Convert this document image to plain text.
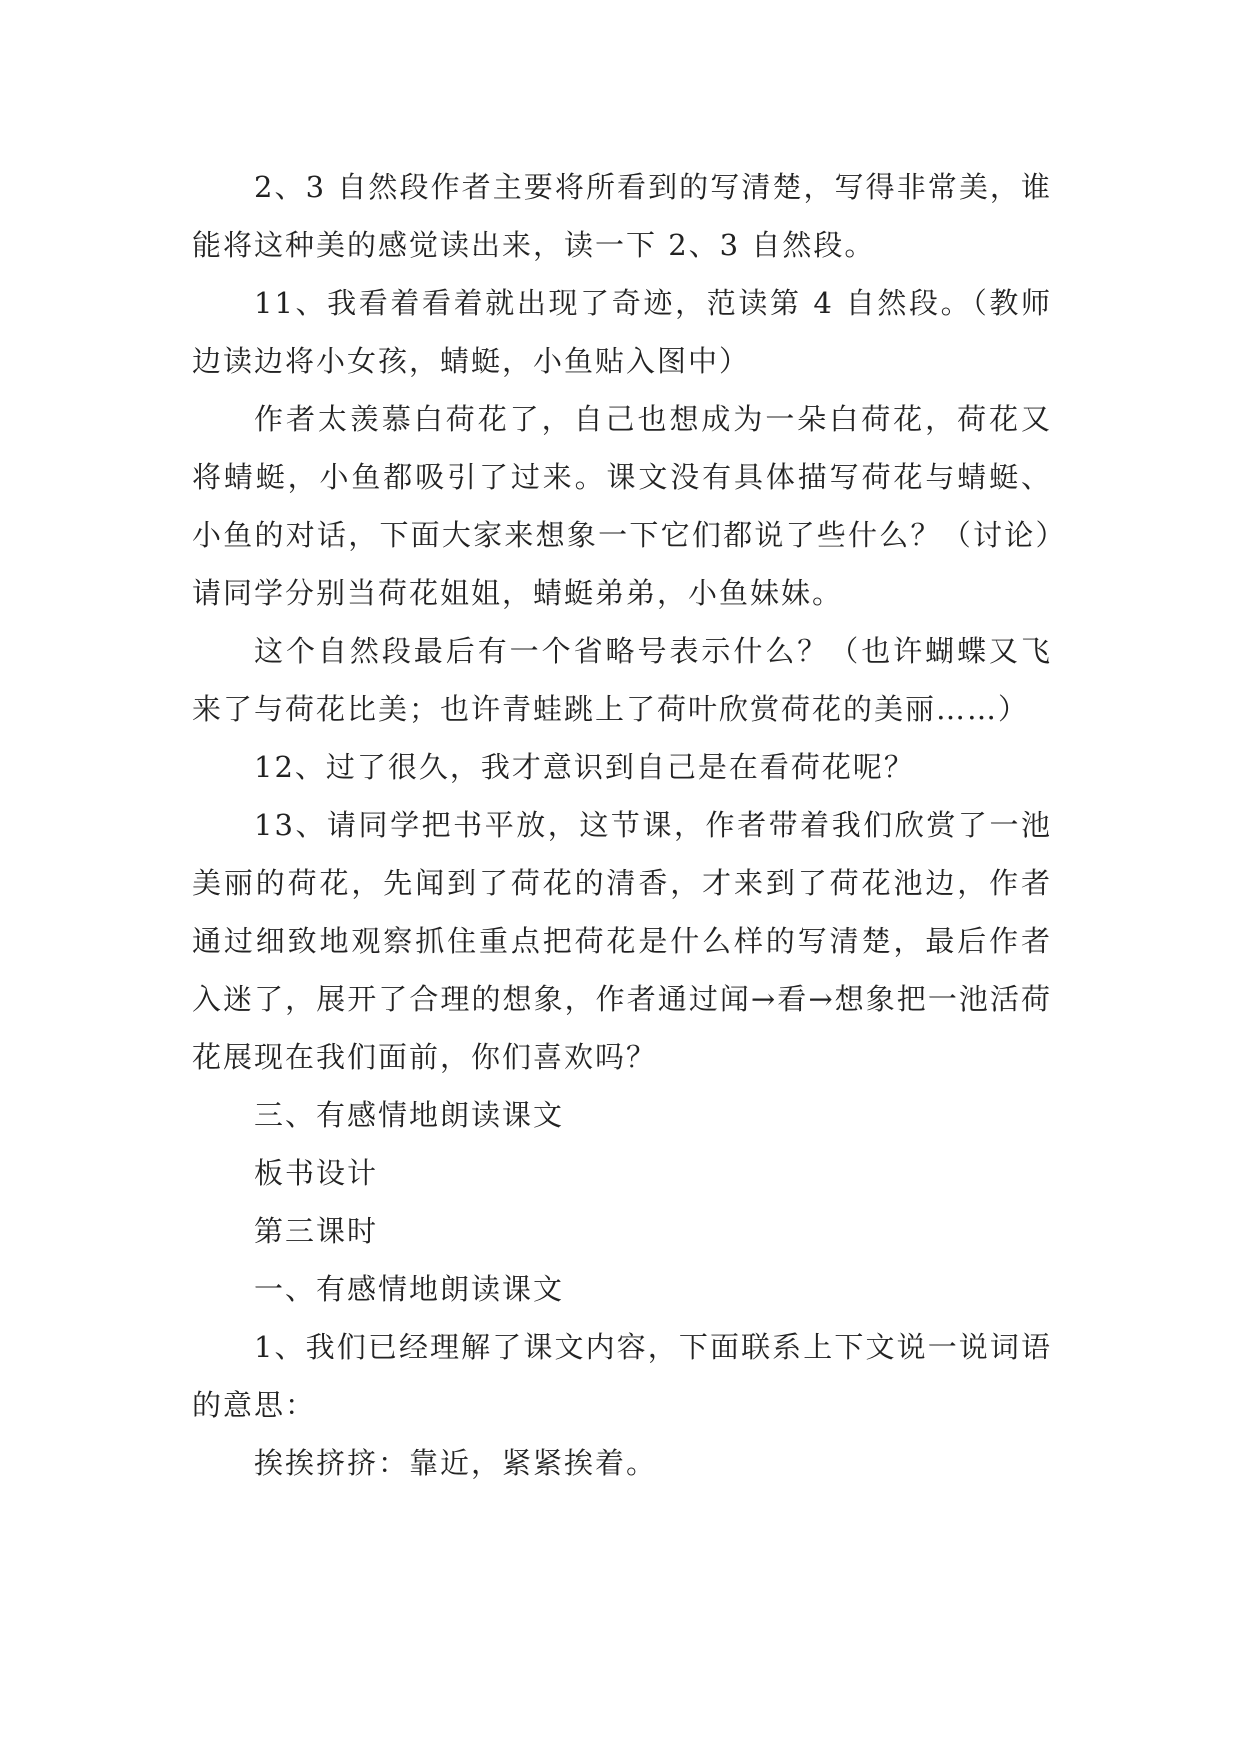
2、3 自然段作者主要将所看到的写清楚，写得非常美，谁能将这种美的感觉读出来，读一下 2、3 自然段。

11、我看着看着就出现了奇迹，范读第 4 自然段。（教师边读边将小女孩，蜻蜓，小鱼贴入图中）

作者太羡慕白荷花了，自己也想成为一朵白荷花，荷花又将蜻蜓，小鱼都吸引了过来。课文没有具体描写荷花与蜻蜓、小鱼的对话，下面大家来想象一下它们都说了些什么？（讨论）请同学分别当荷花姐姐，蜻蜓弟弟，小鱼妹妹。

这个自然段最后有一个省略号表示什么？（也许蝴蝶又飞来了与荷花比美；也许青蛙跳上了荷叶欣赏荷花的美丽……）

12、过了很久，我才意识到自己是在看荷花呢？

13、请同学把书平放，这节课，作者带着我们欣赏了一池美丽的荷花，先闻到了荷花的清香，才来到了荷花池边，作者通过细致地观察抓住重点把荷花是什么样的写清楚，最后作者入迷了，展开了合理的想象，作者通过闻→看→想象把一池活荷花展现在我们面前，你们喜欢吗？

三、有感情地朗读课文

板书设计

第三课时

一、有感情地朗读课文

1、我们已经理解了课文内容，下面联系上下文说一说词语的意思：

挨挨挤挤：靠近，紧紧挨着。
